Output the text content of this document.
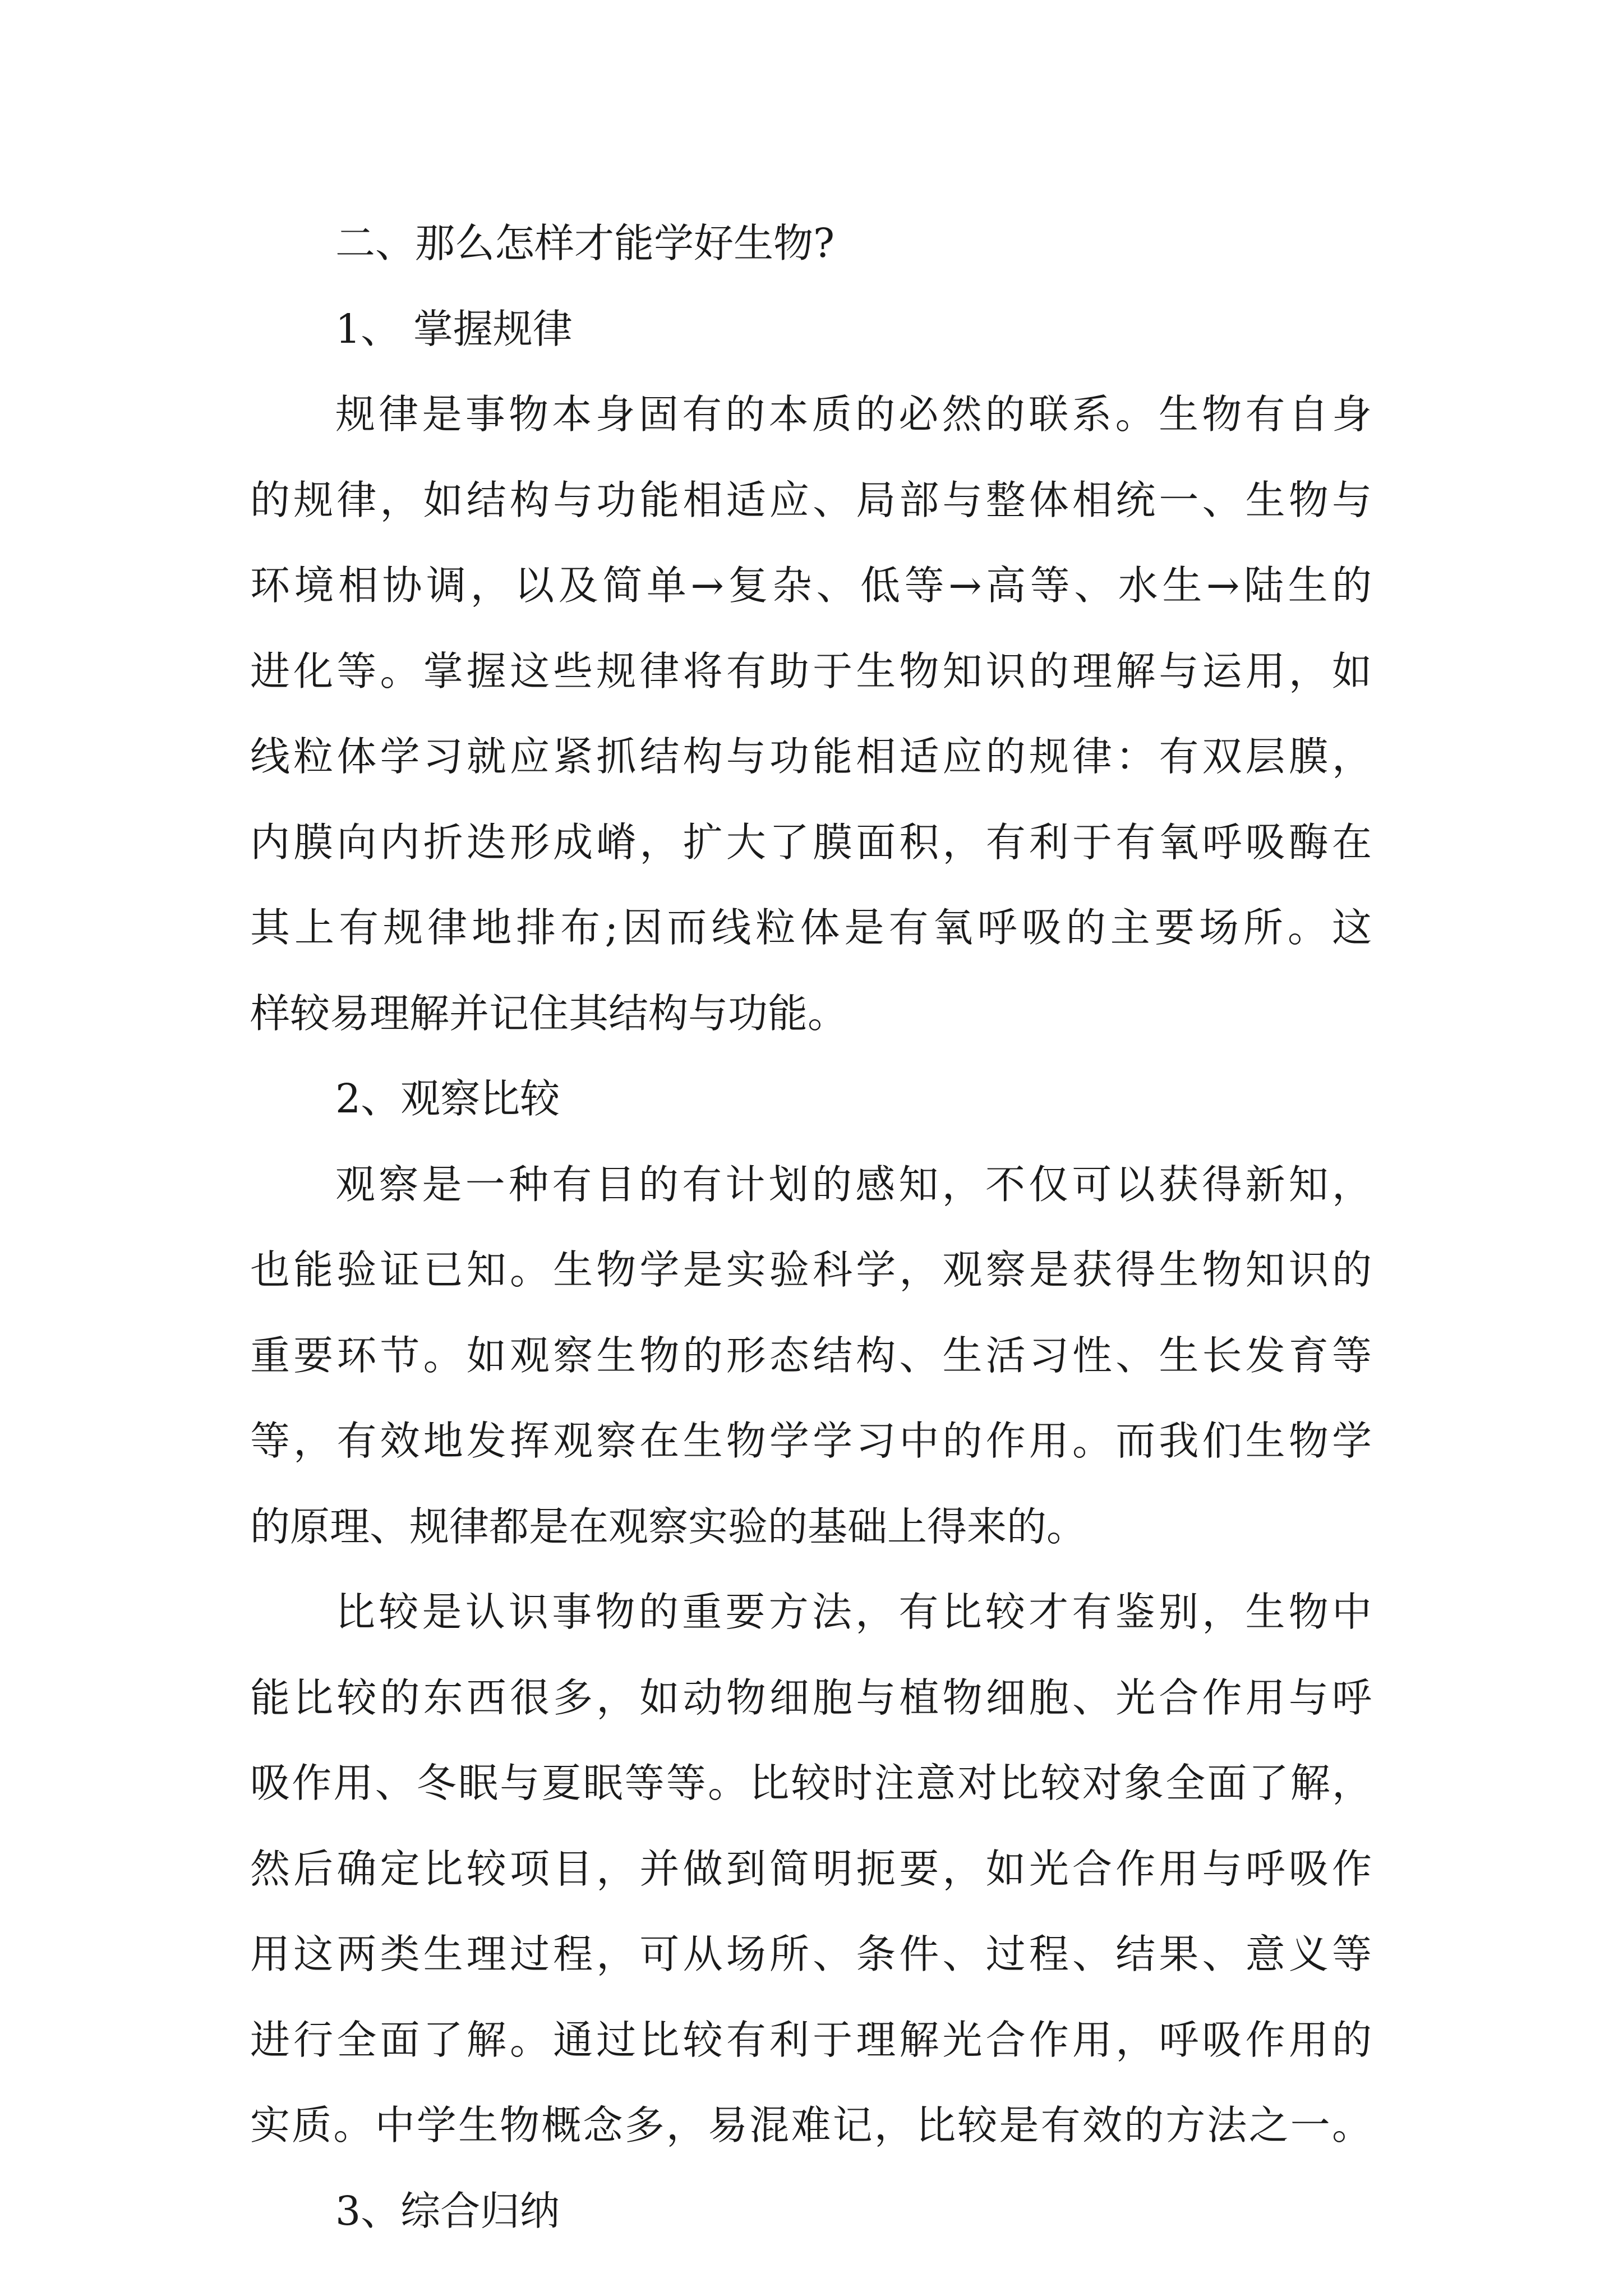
二、那么怎样才能学好生物?
1、 掌握规律
规律是事物本身固有的本质的必然的联系。生物有自身
的规律，如结构与功能相适应、局部与整体相统一、生物与
环境相协调，以及简单→复杂、低等→高等、水生→陆生的
进化等。掌握这些规律将有助于生物知识的理解与运用，如
线粒体学习就应紧抓结构与功能相适应的规律：有双层膜，
内膜向内折迭形成嵴，扩大了膜面积，有利于有氧呼吸酶在
其上有规律地排布;因而线粒体是有氧呼吸的主要场所。这
样较易理解并记住其结构与功能。
2、观察比较
观察是一种有目的有计划的感知，不仅可以获得新知，
也能验证已知。生物学是实验科学，观察是获得生物知识的
重要环节。如观察生物的形态结构、生活习性、生长发育等
等，有效地发挥观察在生物学学习中的作用。而我们生物学
的原理、规律都是在观察实验的基础上得来的。
比较是认识事物的重要方法，有比较才有鉴别，生物中
能比较的东西很多，如动物细胞与植物细胞、光合作用与呼
吸作用、冬眠与夏眠等等。比较时注意对比较对象全面了解，
然后确定比较项目，并做到简明扼要，如光合作用与呼吸作
用这两类生理过程，可从场所、条件、过程、结果、意义等
进行全面了解。通过比较有利于理解光合作用，呼吸作用的
实质。中学生物概念多，易混难记，比较是有效的方法之一。
3、综合归纳
